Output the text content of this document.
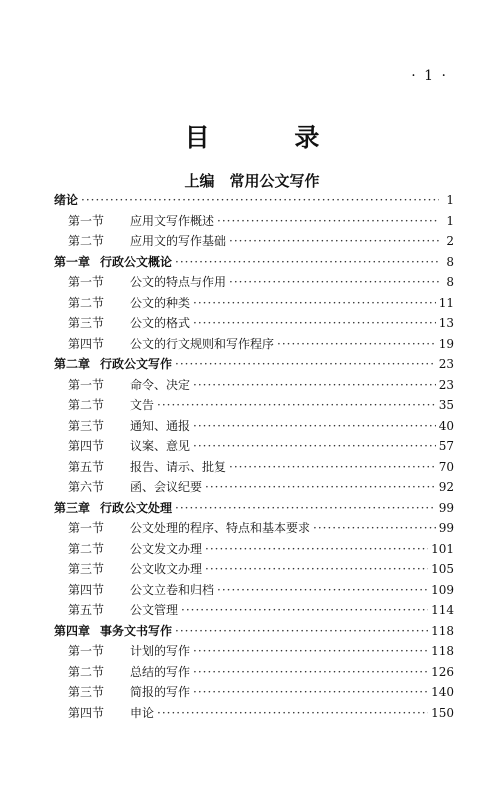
· 1 ·
目 录
上编　常用公文写作
绪论 ·····	1
第一节 应用文写作概述 ·····	1
第二节 应用文的写作基础 ·····	2
第一章 行政公文概论 ·····	8
第一节 公文的特点与作用 ·····	8
第二节 公文的种类 ·····	11
第三节 公文的格式 ·····	13
第四节 公文的行文规则和写作程序 ·····	19
第二章 行政公文写作 ·····	23
第一节 命令、决定 ·····	23
第二节 文告 ·····	35
第三节 通知、通报 ·····	40
第四节 议案、意见 ·····	57
第五节 报告、请示、批复 ·····	70
第六节 函、会议纪要 ·····	92
第三章 行政公文处理 ·····	99
第一节 公文处理的程序、特点和基本要求 ·····	99
第二节 公文发文办理 ·····	101
第三节 公文收文办理 ·····	105
第四节 公文立卷和归档 ·····	109
第五节 公文管理 ·····	114
第四章 事务文书写作 ·····	118
第一节 计划的写作 ·····	118
第二节 总结的写作 ·····	126
第三节 简报的写作 ·····	140
第四节 申论 ·····	150
